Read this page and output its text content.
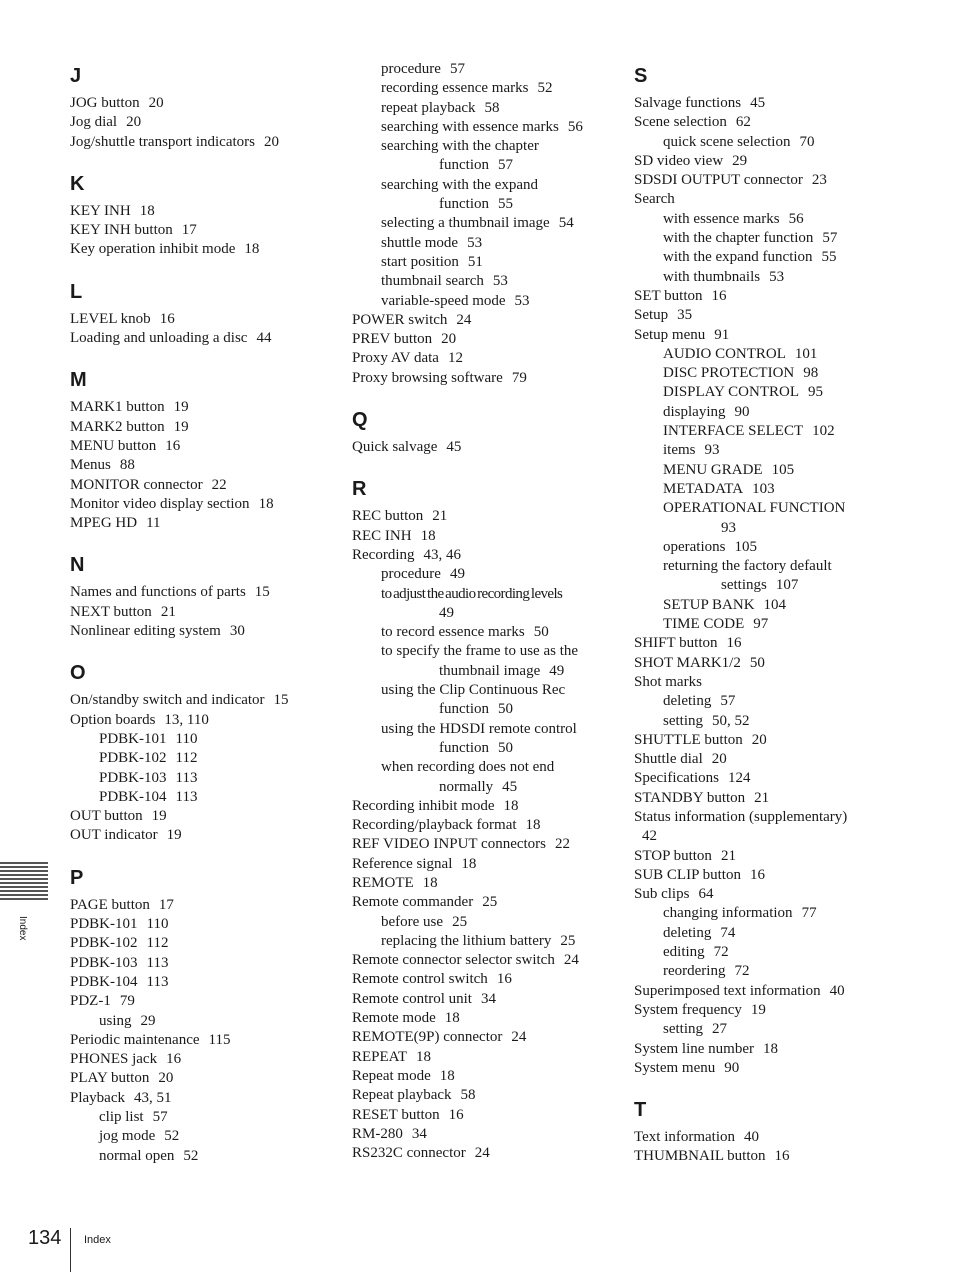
J
JOG button 20
Jog dial 20
Jog/shuttle transport indicators 20
K
KEY INH 18
KEY INH button 17
Key operation inhibit mode 18
L
LEVEL knob 16
Loading and unloading a disc 44
M
MARK1 button 19
MARK2 button 19
MENU button 16
Menus 88
MONITOR connector 22
Monitor video display section 18
MPEG HD 11
N
Names and functions of parts 15
NEXT button 21
Nonlinear editing system 30
O
On/standby switch and indicator 15
Option boards 13, 110
PDBK-101 110
PDBK-102 112
PDBK-103 113
PDBK-104 113
OUT button 19
OUT indicator 19
P
PAGE button 17
PDBK-101 110
PDBK-102 112
PDBK-103 113
PDBK-104 113
PDZ-1 79
using 29
Periodic maintenance 115
PHONES jack 16
PLAY button 20
Playback 43, 51
clip list 57
jog mode 52
normal open 52
procedure 57
recording essence marks 52
repeat playback 58
searching with essence marks 56
searching with the chapter
function 57
searching with the expand
function 55
selecting a thumbnail image 54
shuttle mode 53
start position 51
thumbnail search 53
variable-speed mode 53
POWER switch 24
PREV button 20
Proxy AV data 12
Proxy browsing software 79
Q
Quick salvage 45
R
REC button 21
REC INH 18
Recording 43, 46
procedure 49
to adjust the audio recording levels
49
to record essence marks 50
to specify the frame to use as the
thumbnail image 49
using the Clip Continuous Rec
function 50
using the HDSDI remote control
function 50
when recording does not end
normally 45
Recording inhibit mode 18
Recording/playback format 18
REF VIDEO INPUT connectors 22
Reference signal 18
REMOTE 18
Remote commander 25
before use 25
replacing the lithium battery 25
Remote connector selector switch 24
Remote control switch 16
Remote control unit 34
Remote mode 18
REMOTE(9P) connector 24
REPEAT 18
Repeat mode 18
Repeat playback 58
RESET button 16
RM-280 34
RS232C connector 24
S
Salvage functions 45
Scene selection 62
quick scene selection 70
SD video view 29
SDSDI OUTPUT connector 23
Search
with essence marks 56
with the chapter function 57
with the expand function 55
with thumbnails 53
SET button 16
Setup 35
Setup menu 91
AUDIO CONTROL 101
DISC PROTECTION 98
DISPLAY CONTROL 95
displaying 90
INTERFACE SELECT 102
items 93
MENU GRADE 105
METADATA 103
OPERATIONAL FUNCTION
93
operations 105
returning the factory default
settings 107
SETUP BANK 104
TIME CODE 97
SHIFT button 16
SHOT MARK1/2 50
Shot marks
deleting 57
setting 50, 52
SHUTTLE button 20
Shuttle dial 20
Specifications 124
STANDBY button 21
Status information (supplementary)
42
STOP button 21
SUB CLIP button 16
Sub clips 64
changing information 77
deleting 74
editing 72
reordering 72
Superimposed text information 40
System frequency 19
setting 27
System line number 18
System menu 90
T
Text information 40
THUMBNAIL button 16
Index
134 Index
